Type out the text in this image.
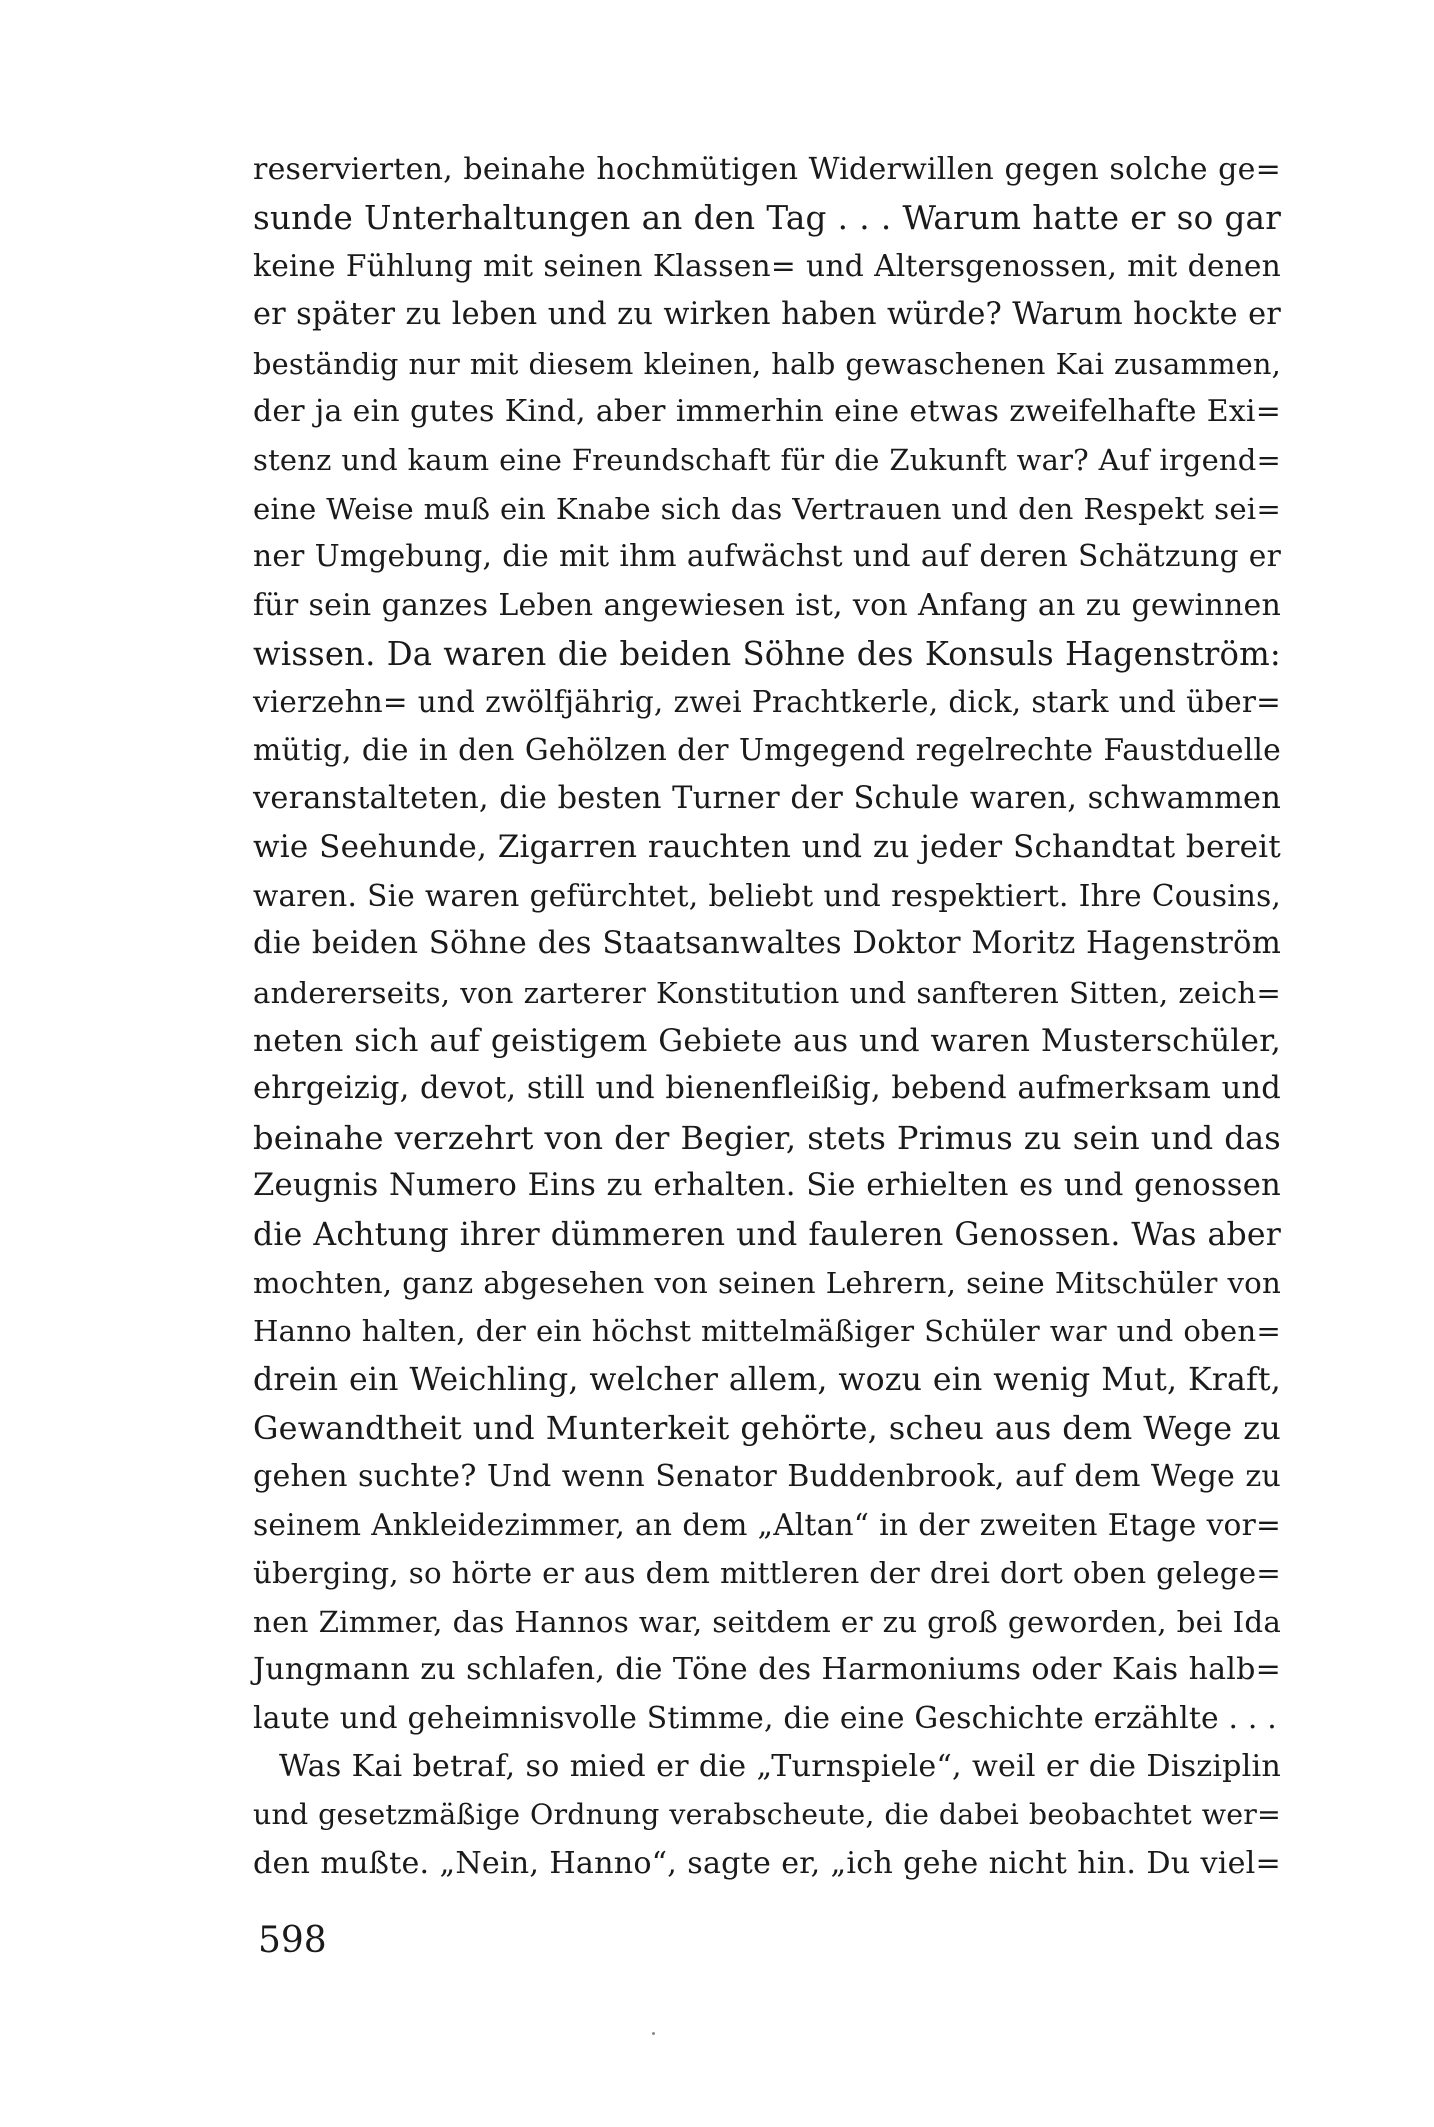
reservierten, beinahe hochmütigen Widerwillen gegen solche ge=
sunde Unterhaltungen an den Tag . . . Warum hatte er so gar
keine Fühlung mit seinen Klassen= und Altersgenossen, mit denen
er später zu leben und zu wirken haben würde? Warum hockte er
beständig nur mit diesem kleinen, halb gewaschenen Kai zusammen,
der ja ein gutes Kind, aber immerhin eine etwas zweifelhafte Exi=
stenz und kaum eine Freundschaft für die Zukunft war? Auf irgend=
eine Weise muß ein Knabe sich das Vertrauen und den Respekt sei=
ner Umgebung, die mit ihm aufwächst und auf deren Schätzung er
für sein ganzes Leben angewiesen ist, von Anfang an zu gewinnen
wissen. Da waren die beiden Söhne des Konsuls Hagenström:
vierzehn= und zwölfjährig, zwei Prachtkerle, dick, stark und über=
mütig, die in den Gehölzen der Umgegend regelrechte Faustduelle
veranstalteten, die besten Turner der Schule waren, schwammen
wie Seehunde, Zigarren rauchten und zu jeder Schandtat bereit
waren. Sie waren gefürchtet, beliebt und respektiert. Ihre Cousins,
die beiden Söhne des Staatsanwaltes Doktor Moritz Hagenström
andererseits, von zarterer Konstitution und sanfteren Sitten, zeich=
neten sich auf geistigem Gebiete aus und waren Musterschüler,
ehrgeizig, devot, still und bienenfleißig, bebend aufmerksam und
beinahe verzehrt von der Begier, stets Primus zu sein und das
Zeugnis Numero Eins zu erhalten. Sie erhielten es und genossen
die Achtung ihrer dümmeren und fauleren Genossen. Was aber
mochten, ganz abgesehen von seinen Lehrern, seine Mitschüler von
Hanno halten, der ein höchst mittelmäßiger Schüler war und oben=
drein ein Weichling, welcher allem, wozu ein wenig Mut, Kraft,
Gewandtheit und Munterkeit gehörte, scheu aus dem Wege zu
gehen suchte? Und wenn Senator Buddenbrook, auf dem Wege zu
seinem Ankleidezimmer, an dem „Altan“ in der zweiten Etage vor=
überging, so hörte er aus dem mittleren der drei dort oben gelege=
nen Zimmer, das Hannos war, seitdem er zu groß geworden, bei Ida
Jungmann zu schlafen, die Töne des Harmoniums oder Kais halb=
laute und geheimnisvolle Stimme, die eine Geschichte erzählte . . .
Was Kai betraf, so mied er die „Turnspiele“, weil er die Disziplin
und gesetzmäßige Ordnung verabscheute, die dabei beobachtet wer=
den mußte. „Nein, Hanno“, sagte er, „ich gehe nicht hin. Du viel=
598
